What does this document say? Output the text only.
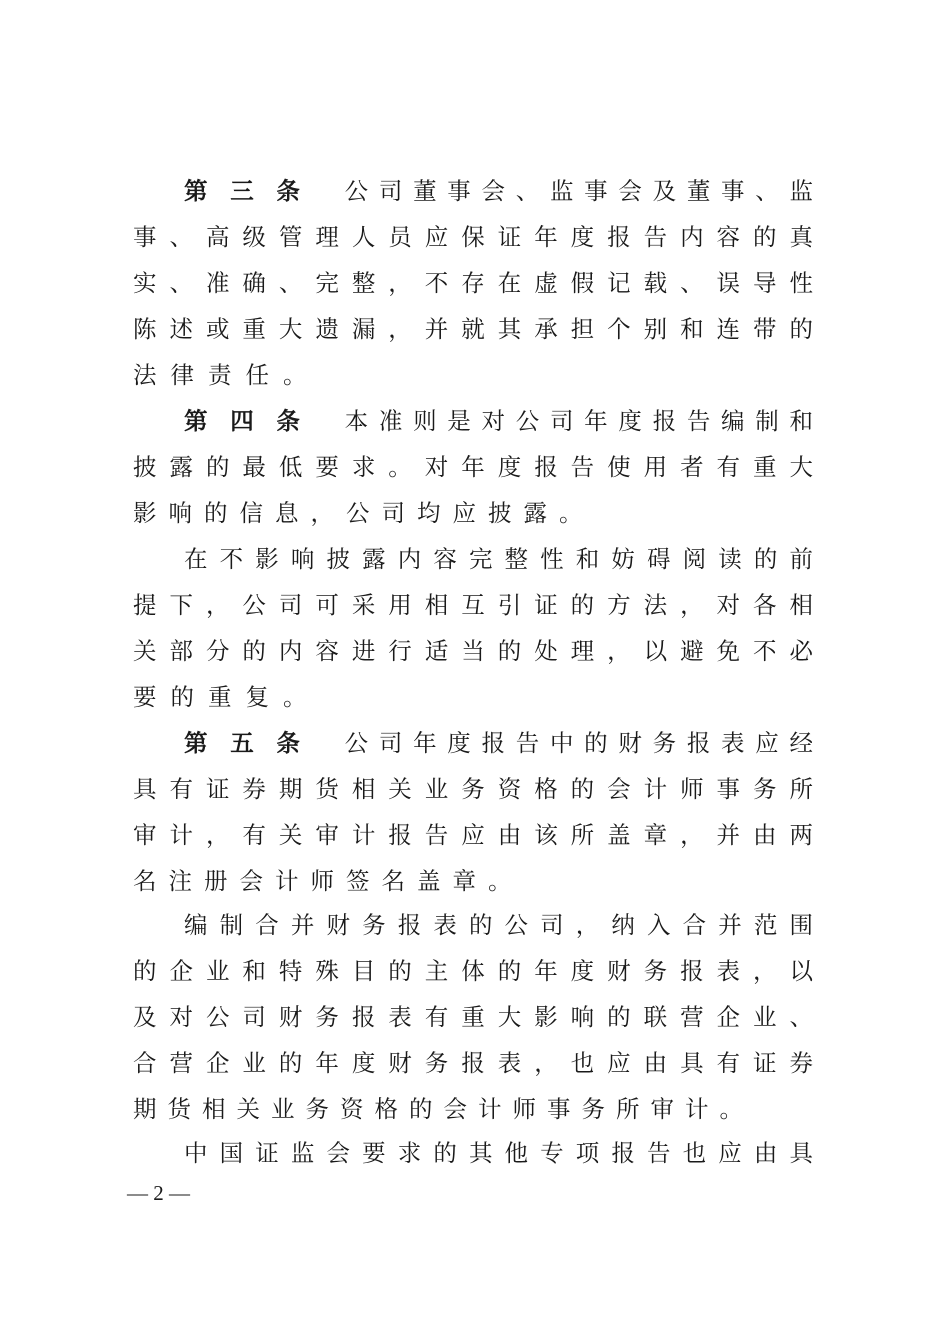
第三条 公司董事会、监事会及董事、监
事、高级管理人员应保证年度报告内容的真
实、准确、完整，不存在虚假记载、误导性
陈述或重大遗漏，并就其承担个别和连带的
法律责任。
第四条 本准则是对公司年度报告编制和
披露的最低要求。对年度报告使用者有重大
影响的信息，公司均应披露。
在不影响披露内容完整性和妨碍阅读的前
提下，公司可采用相互引证的方法，对各相
关部分的内容进行适当的处理，以避免不必
要的重复。
第五条 公司年度报告中的财务报表应经
具有证券期货相关业务资格的会计师事务所
审计，有关审计报告应由该所盖章，并由两
名注册会计师签名盖章。
编制合并财务报表的公司，纳入合并范围
的企业和特殊目的主体的年度财务报表，以
及对公司财务报表有重大影响的联营企业、
合营企业的年度财务报表，也应由具有证券
期货相关业务资格的会计师事务所审计。
中国证监会要求的其他专项报告也应由具
— 2 —
